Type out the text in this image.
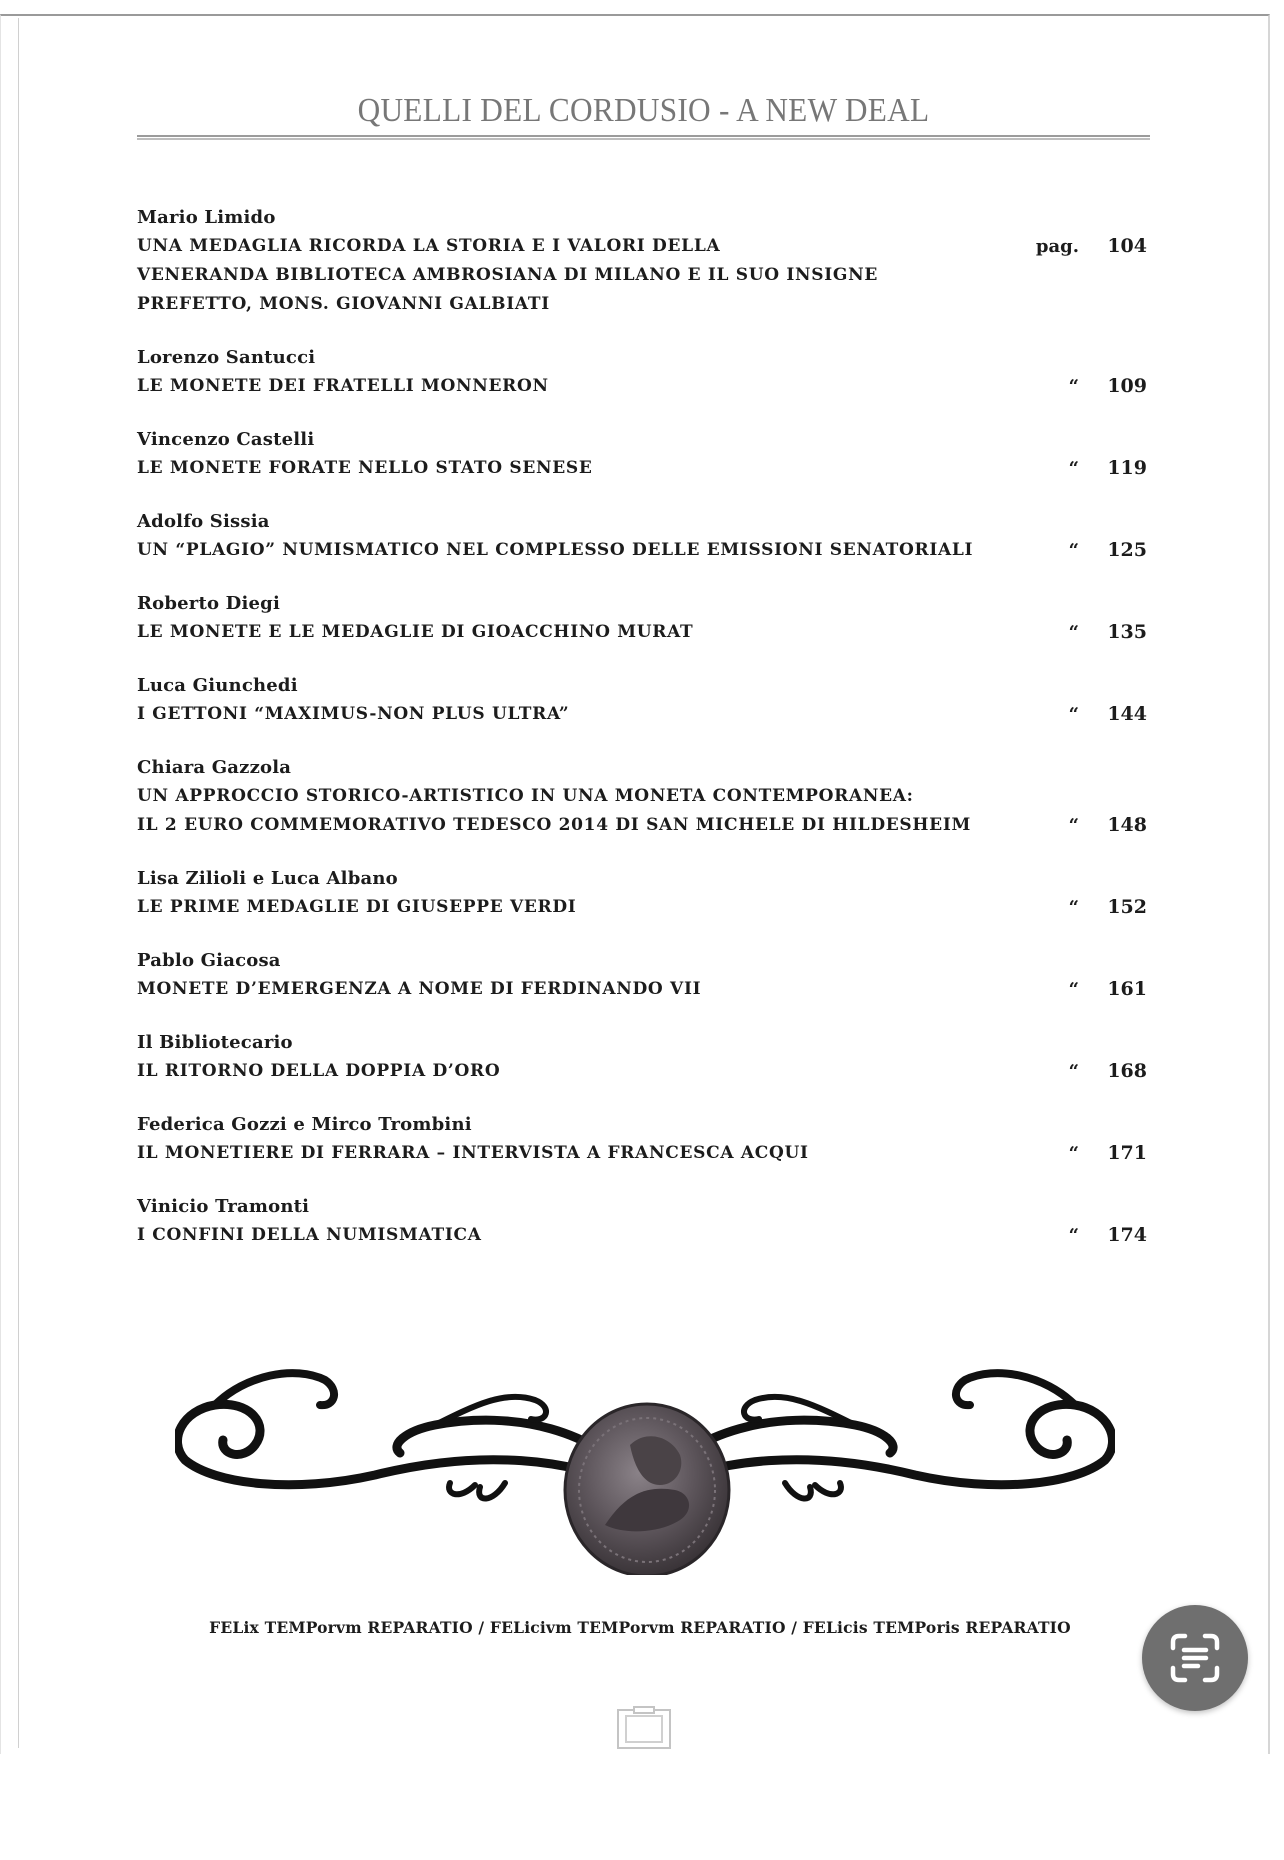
QUELLI DEL CORDUSIO - A NEW DEAL
Mario Limido
UNA MEDAGLIA RICORDA LA STORIA E I VALORI DELLA
VENERANDA BIBLIOTECA AMBROSIANA DI MILANO E IL SUO INSIGNE
PREFETTO, MONS. GIOVANNI GALBIATI
pag.	104
Lorenzo Santucci
LE MONETE DEI FRATELLI MONNERON	“	109
Vincenzo Castelli
LE MONETE FORATE NELLO STATO SENESE	“	119
Adolfo Sissia
UN “PLAGIO” NUMISMATICO NEL COMPLESSO DELLE EMISSIONI SENATORIALI	“	125
Roberto Diegi
LE MONETE E LE MEDAGLIE DI GIOACCHINO MURAT	“	135
Luca Giunchedi
I GETTONI “MAXIMUS-NON PLUS ULTRA”	“	144
Chiara Gazzola
UN APPROCCIO STORICO-ARTISTICO IN UNA MONETA CONTEMPORANEA:
IL 2 EURO COMMEMORATIVO TEDESCO 2014 DI SAN MICHELE DI HILDESHEIM	“	148
Lisa Zilioli e Luca Albano
LE PRIME MEDAGLIE DI GIUSEPPE VERDI	“	152
Pablo Giacosa
MONETE D’EMERGENZA A NOME DI FERDINANDO VII	“	161
Il Bibliotecario
IL RITORNO DELLA DOPPIA D’ORO	“	168
Federica Gozzi e Mirco Trombini
IL MONETIERE DI FERRARA – INTERVISTA A FRANCESCA ACQUI	“	171
Vinicio Tramonti
I CONFINI DELLA NUMISMATICA	“	174
FELix TEMPorvm REPARATIO / FELicivm TEMPorvm REPARATIO / FELicis TEMPoris REPARATIO
